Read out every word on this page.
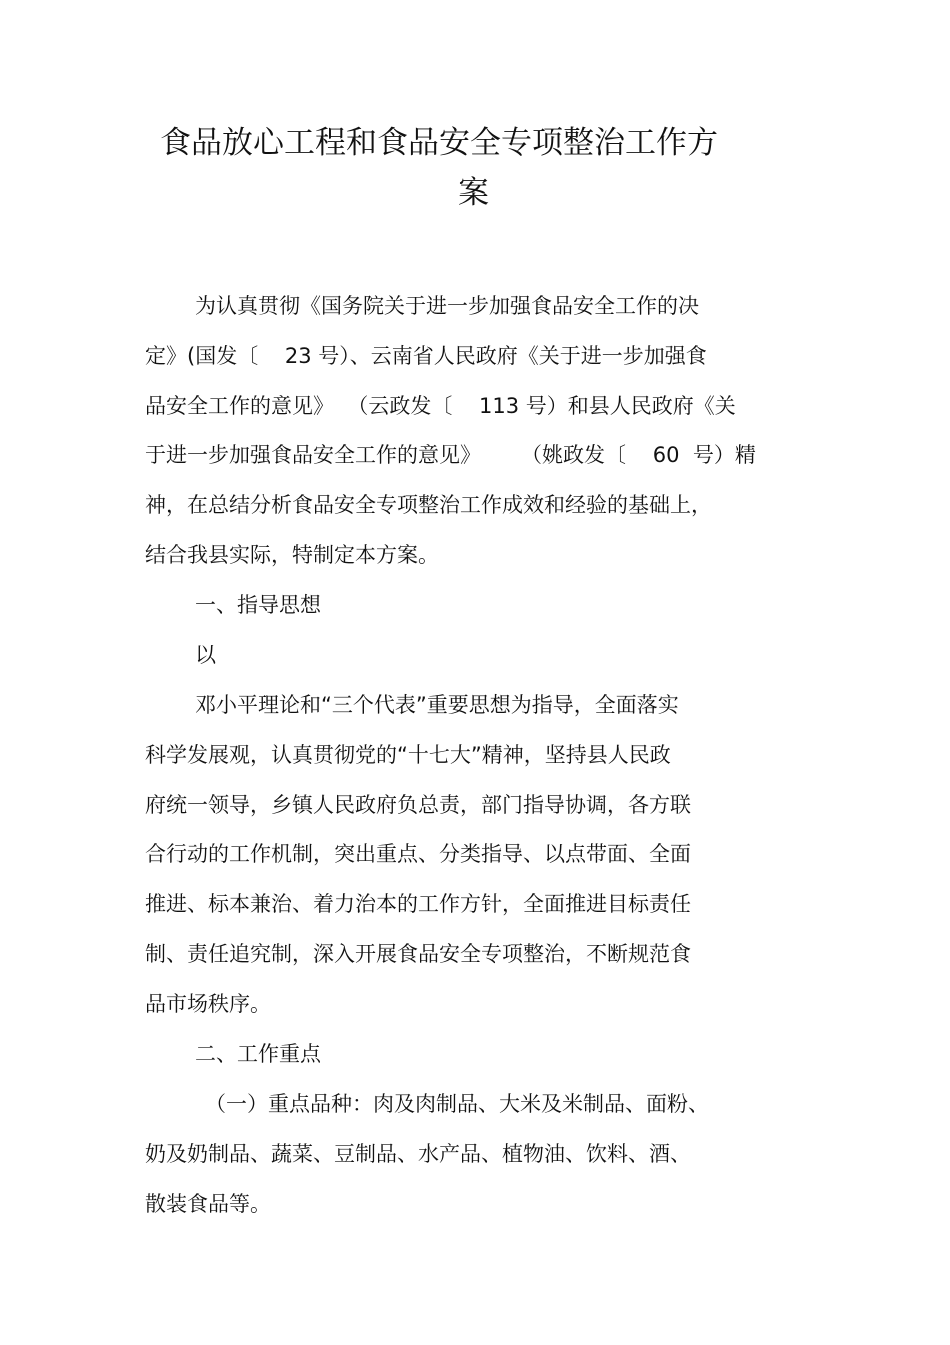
食品放心工程和食品安全专项整治工作方
案
为认真贯彻《国务院关于进一步加强食品安全工作的决
定》(国发〔    23 号）、云南省人民政府《关于进一步加强食
品安全工作的意见》  （云政发〔    113 号）和县人民政府《关
于进一步加强食品安全工作的意见》      （姚政发〔    60  号）精
神，在总结分析食品安全专项整治工作成效和经验的基础上，
结合我县实际，特制定本方案。
一、指导思想
以
邓小平理论和“三个代表”重要思想为指导，全面落实
科学发展观，认真贯彻党的“十七大”精神，坚持县人民政
府统一领导，乡镇人民政府负总责，部门指导协调，各方联
合行动的工作机制，突出重点、分类指导、以点带面、全面
推进、标本兼治、着力治本的工作方针，全面推进目标责任
制、责任追究制，深入开展食品安全专项整治，不断规范食
品市场秩序。
二、工作重点
（一）重点品种：肉及肉制品、大米及米制品、面粉、
奶及奶制品、蔬菜、豆制品、水产品、植物油、饮料、酒、
散装食品等。
